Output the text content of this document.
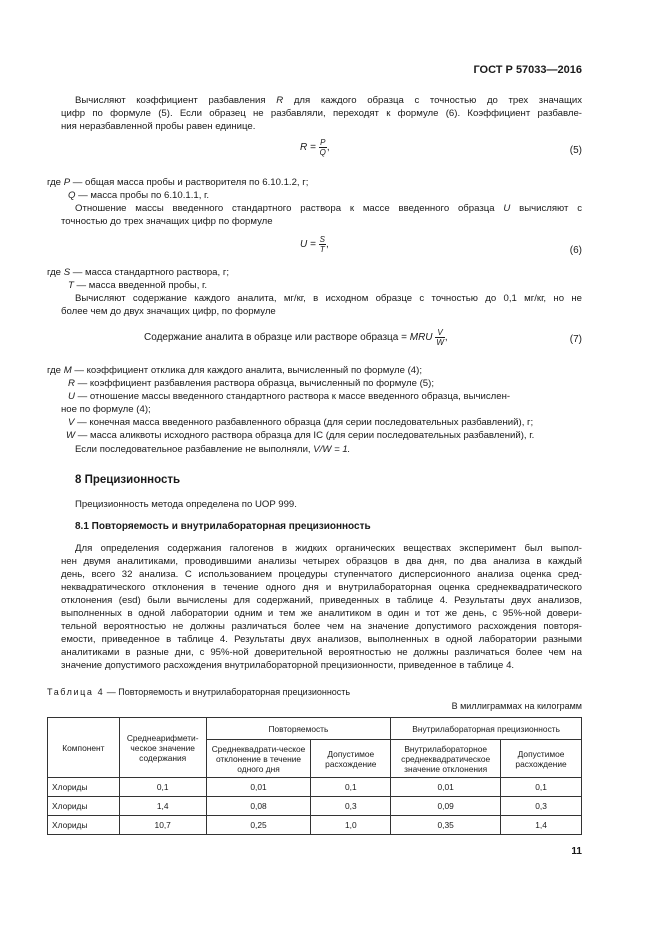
ГОСТ Р 57033—2016
Вычисляют коэффициент разбавления R для каждого образца с точностью до трех значащих
цифр по формуле (5). Если образец не разбавляли, переходят к формуле (6). Коэффициент разбавле-
ния неразбавленной пробы равен единице.
$R = \frac{P}{Q}$ ,	(5)
где P — общая масса пробы и растворителя по 6.10.1.2, г;
Q — масса пробы по 6.10.1.1, г.
Отношение массы введенного стандартного раствора к массе введенного образца U вычисляют с
точностью до трех значащих цифр по формуле
$U = \frac{S}{T}$ ,
(6)
где S — масса стандартного раствора, г;
T — масса введенной пробы, г.
Вычисляют содержание каждого аналита, мг/кг, в исходном образце с точностью до 0,1 мг/кг, но не
более чем до двух значащих цифр, по формуле
Содержание аналита в образце или растворе образца = MRU $\frac{V}{W}$ ,	(7)
где M — коэффициент отклика для каждого аналита, вычисленный по формуле (4);
R — коэффициент разбавления раствора образца, вычисленный по формуле (5);
U — отношение массы введенного стандартного раствора к массе введенного образца, вычислен-
ное по формуле (4);
V — конечная масса введенного разбавленного образца (для серии последовательных разбавлений), г;
W — масса аликвоты исходного раствора образца для IC (для серии последовательных разбавлений), г.
Если последовательное разбавление не выполняли, V/W = 1.
8 Прецизионность
Прецизионность метода определена по UOP 999.
8.1 Повторяемость и внутрилабораторная прецизионность
Для определения содержания галогенов в жидких органических веществах эксперимент был выпол-
нен двумя аналитиками, проводившими анализы четырех образцов в два дня, по два анализа в каждый
день, всего 32 анализа. С использованием процедуры ступенчатого дисперсионного анализа оценка сред-
неквадратического отклонения в течение одного дня и внутрилабораторная оценка среднеквадратического
отклонения (esd) были вычислены для содержаний, приведенных в таблице 4. Результаты двух анализов,
выполненных в одной лаборатории одним и тем же аналитиком в один и тот же день, с 95%-ной довери-
тельной вероятностью не должны различаться более чем на значение допустимого расхождения повторя-
емости, приведенное в таблице 4. Результаты двух анализов, выполненных в одной лаборатории разными
аналитиками в разные дни, с 95%-ной доверительной вероятностью не должны различаться более чем на
значение допустимого расхождения внутрилабораторной прецизионности, приведенное в таблице 4.
Таблица 4 — Повторяемость и внутрилабораторная прецизионность
В миллиграммах на килограмм
Компонент	Среднеарифмети-ческое значение содержания	Повторяемость		Внутрилабораторная прецизионность	
		Среднеквадрати-ческое отклонение в течение одного дня	Допустимое расхождение	Внутрилабораторное среднеквадратическое значение отклонения	Допустимое расхождение
Хлориды	0,1	0,01	0,1	0,01	0,1
Хлориды	1,4	0,08	0,3	0,09	0,3
Хлориды	10,7	0,25	1,0	0,35	1,4
11
